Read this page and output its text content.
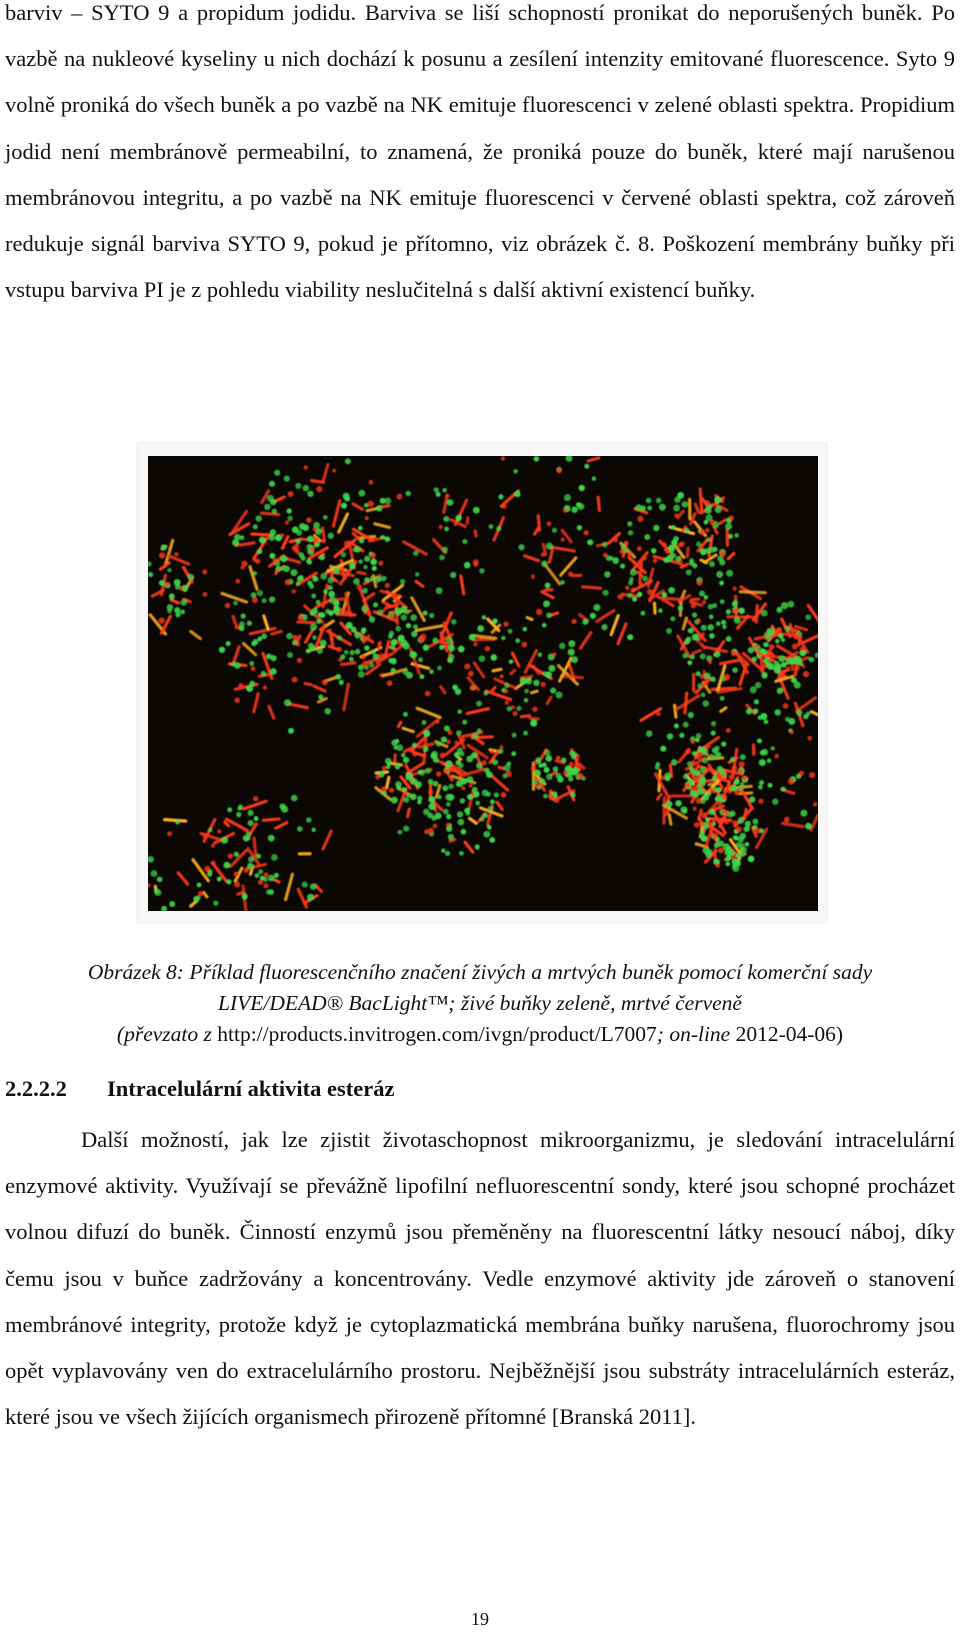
barviv – SYTO 9 a propidum jodidu. Barviva se liší schopností pronikat do neporušených buněk. Po vazbě na nukleové kyseliny u nich dochází k posunu a zesílení intenzity emitované fluorescence. Syto 9 volně proniká do všech buněk a po vazbě na NK emituje fluorescenci v zelené oblasti spektra. Propidium jodid není membránově permeabilní, to znamená, že proniká pouze do buněk, které mají narušenou membránovou integritu, a po vazbě na NK emituje fluorescenci v červené oblasti spektra, což zároveň redukuje signál barviva SYTO 9, pokud je přítomno, viz obrázek č. 8. Poškození membrány buňky při vstupu barviva PI je z pohledu viability neslučitelná s další aktivní existencí buňky.

Obrázek 8: Příklad fluorescenčního značení živých a mrtvých buněk pomocí komerční sady
LIVE/DEAD® BacLight™; živé buňky zeleně, mrtvé červeně
(převzato z http://products.invitrogen.com/ivgn/product/L7007; on-line 2012-04-06)
2.2.2.2 Intracelulární aktivita esteráz

Další možností, jak lze zjistit životaschopnost mikroorganizmu, je sledování intracelulární enzymové aktivity. Využívají se převážně lipofilní nefluorescentní sondy, které jsou schopné procházet volnou difuzí do buněk. Činností enzymů jsou přeměněny na fluorescentní látky nesoucí náboj, díky čemu jsou v buňce zadržovány a koncentrovány. Vedle enzymové aktivity jde zároveň o stanovení membránové integrity, protože když je cytoplazmatická membrána buňky narušena, fluorochromy jsou opět vyplavovány ven do extracelulárního prostoru. Nejběžnější jsou substráty intracelulárních esteráz, které jsou ve všech žijících organismech přirozeně přítomné [Branská 2011].

19
